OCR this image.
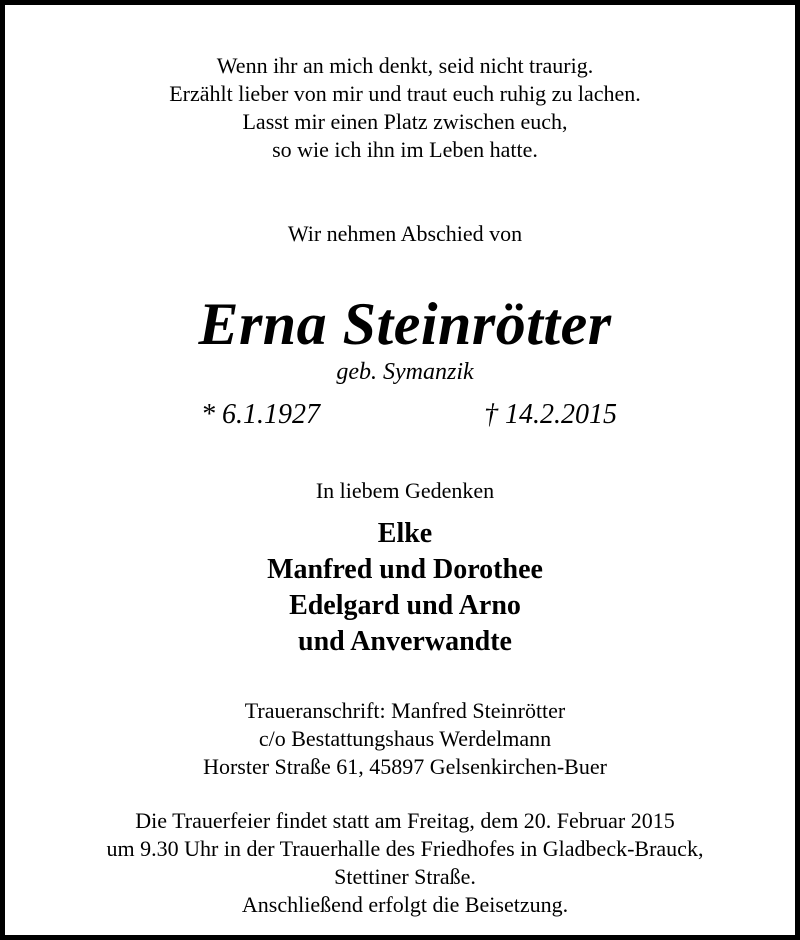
Wenn ihr an mich denkt, seid nicht traurig.
Erzählt lieber von mir und traut euch ruhig zu lachen.
Lasst mir einen Platz zwischen euch,
so wie ich ihn im Leben hatte.
Wir nehmen Abschied von
Erna Steinrötter
geb. Symanzik
* 6.1.1927	† 14.2.2015
In liebem Gedenken
Elke
Manfred und Dorothee
Edelgard und Arno
und Anverwandte
Traueranschrift: Manfred Steinrötter
c/o Bestattungshaus Werdelmann
Horster Straße 61, 45897 Gelsenkirchen-Buer
Die Trauerfeier findet statt am Freitag, dem 20. Februar 2015
um 9.30 Uhr in der Trauerhalle des Friedhofes in Gladbeck-Brauck,
Stettiner Straße.
Anschließend erfolgt die Beisetzung.
